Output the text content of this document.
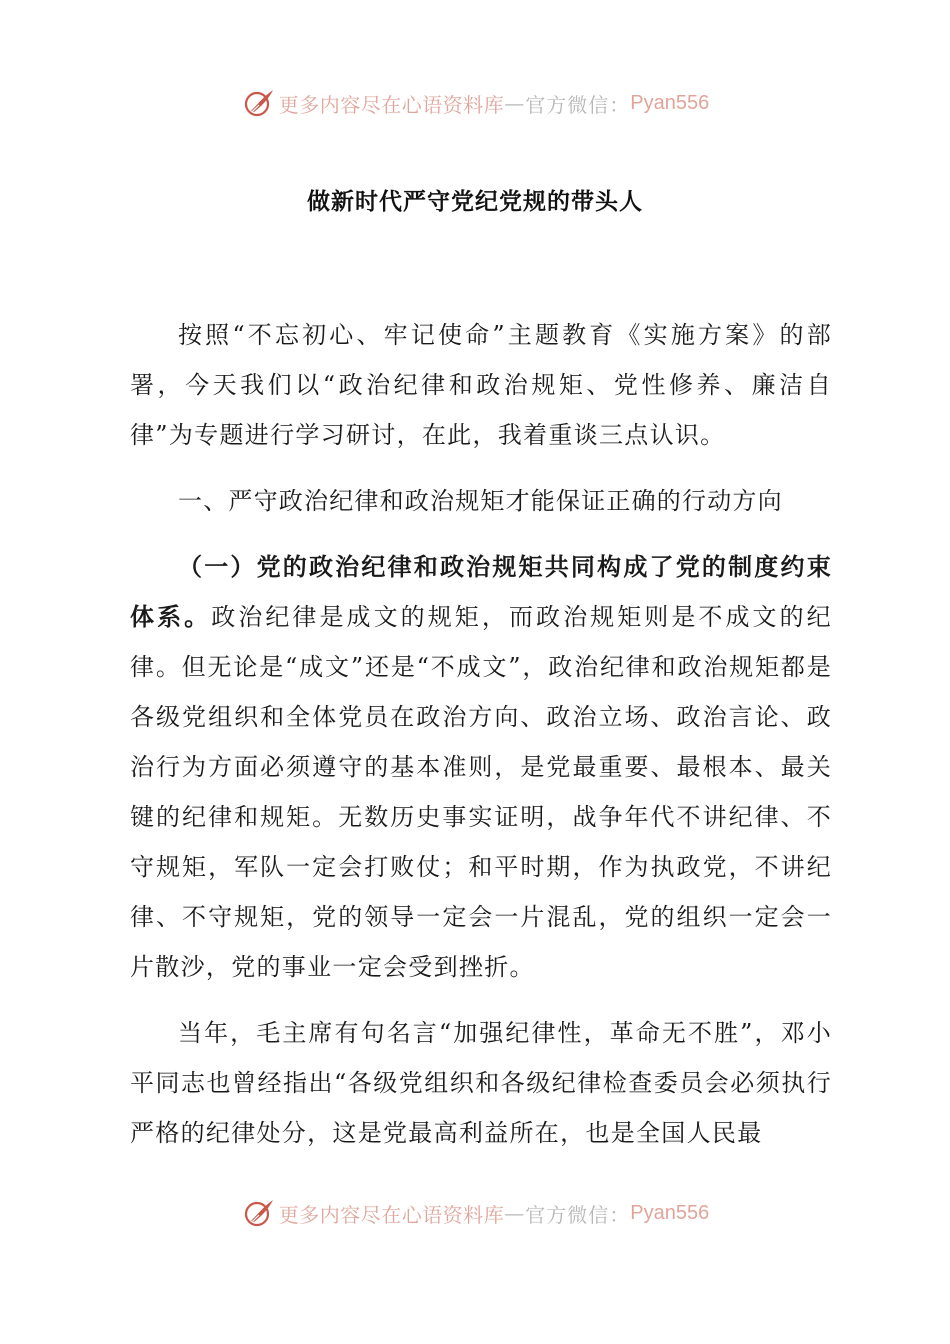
更多内容尽在心语资料库 — 官方微信： Pyan556
做新时代严守党纪党规的带头人

按照“不忘初心、牢记使命”主题教育《实施方案》的部署，今天我们以“政治纪律和政治规矩、党性修养、廉洁自律”为专题进行学习研讨，在此，我着重谈三点认识。

一、严守政治纪律和政治规矩才能保证正确的行动方向

（一）党的政治纪律和政治规矩共同构成了党的制度约束体系。政治纪律是成文的规矩，而政治规矩则是不成文的纪律。但无论是“成文”还是“不成文”，政治纪律和政治规矩都是各级党组织和全体党员在政治方向、政治立场、政治言论、政治行为方面必须遵守的基本准则，是党最重要、最根本、最关键的纪律和规矩。无数历史事实证明，战争年代不讲纪律、不守规矩，军队一定会打败仗；和平时期，作为执政党，不讲纪律、不守规矩，党的领导一定会一片混乱，党的组织一定会一片散沙，党的事业一定会受到挫折。

当年，毛主席有句名言“加强纪律性，革命无不胜”，邓小平同志也曾经指出“各级党组织和各级纪律检查委员会必须执行严格的纪律处分，这是党最高利益所在，也是全国人民最

更多内容尽在心语资料库 — 官方微信： Pyan556
